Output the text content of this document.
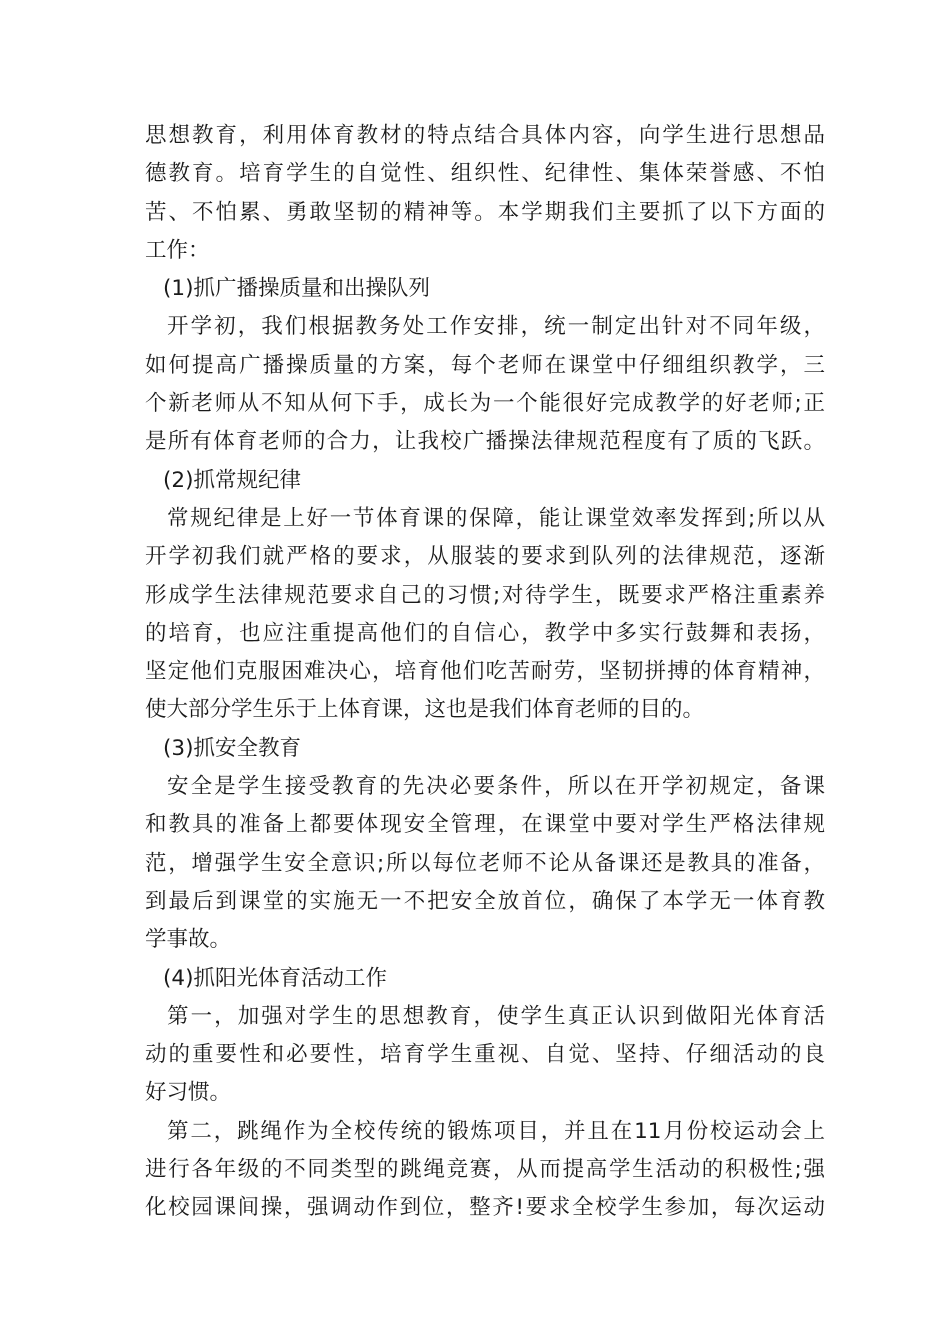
思想教育，利用体育教材的特点结合具体内容，向学生进行思想品
德教育。培育学生的自觉性、组织性、纪律性、集体荣誉感、不怕
苦、不怕累、勇敢坚韧的精神等。本学期我们主要抓了以下方面的
工作：
(1)抓广播操质量和出操队列
开学初，我们根据教务处工作安排，统一制定出针对不同年级，
如何提高广播操质量的方案，每个老师在课堂中仔细组织教学，三
个新老师从不知从何下手，成长为一个能很好完成教学的好老师;正
是所有体育老师的合力，让我校广播操法律规范程度有了质的飞跃。
(2)抓常规纪律
常规纪律是上好一节体育课的保障，能让课堂效率发挥到;所以从
开学初我们就严格的要求，从服装的要求到队列的法律规范，逐渐
形成学生法律规范要求自己的习惯;对待学生，既要求严格注重素养
的培育，也应注重提高他们的自信心，教学中多实行鼓舞和表扬，
坚定他们克服困难决心，培育他们吃苦耐劳，坚韧拼搏的体育精神，
使大部分学生乐于上体育课，这也是我们体育老师的目的。
(3)抓安全教育
安全是学生接受教育的先决必要条件，所以在开学初规定，备课
和教具的准备上都要体现安全管理，在课堂中要对学生严格法律规
范，增强学生安全意识;所以每位老师不论从备课还是教具的准备，
到最后到课堂的实施无一不把安全放首位，确保了本学无一体育教
学事故。
(4)抓阳光体育活动工作
第一，加强对学生的思想教育，使学生真正认识到做阳光体育活
动的重要性和必要性，培育学生重视、自觉、坚持、仔细活动的良
好习惯。
第二，跳绳作为全校传统的锻炼项目，并且在11月份校运动会上
进行各年级的不同类型的跳绳竞赛，从而提高学生活动的积极性;强
化校园课间操，强调动作到位，整齐!要求全校学生参加，每次运动
